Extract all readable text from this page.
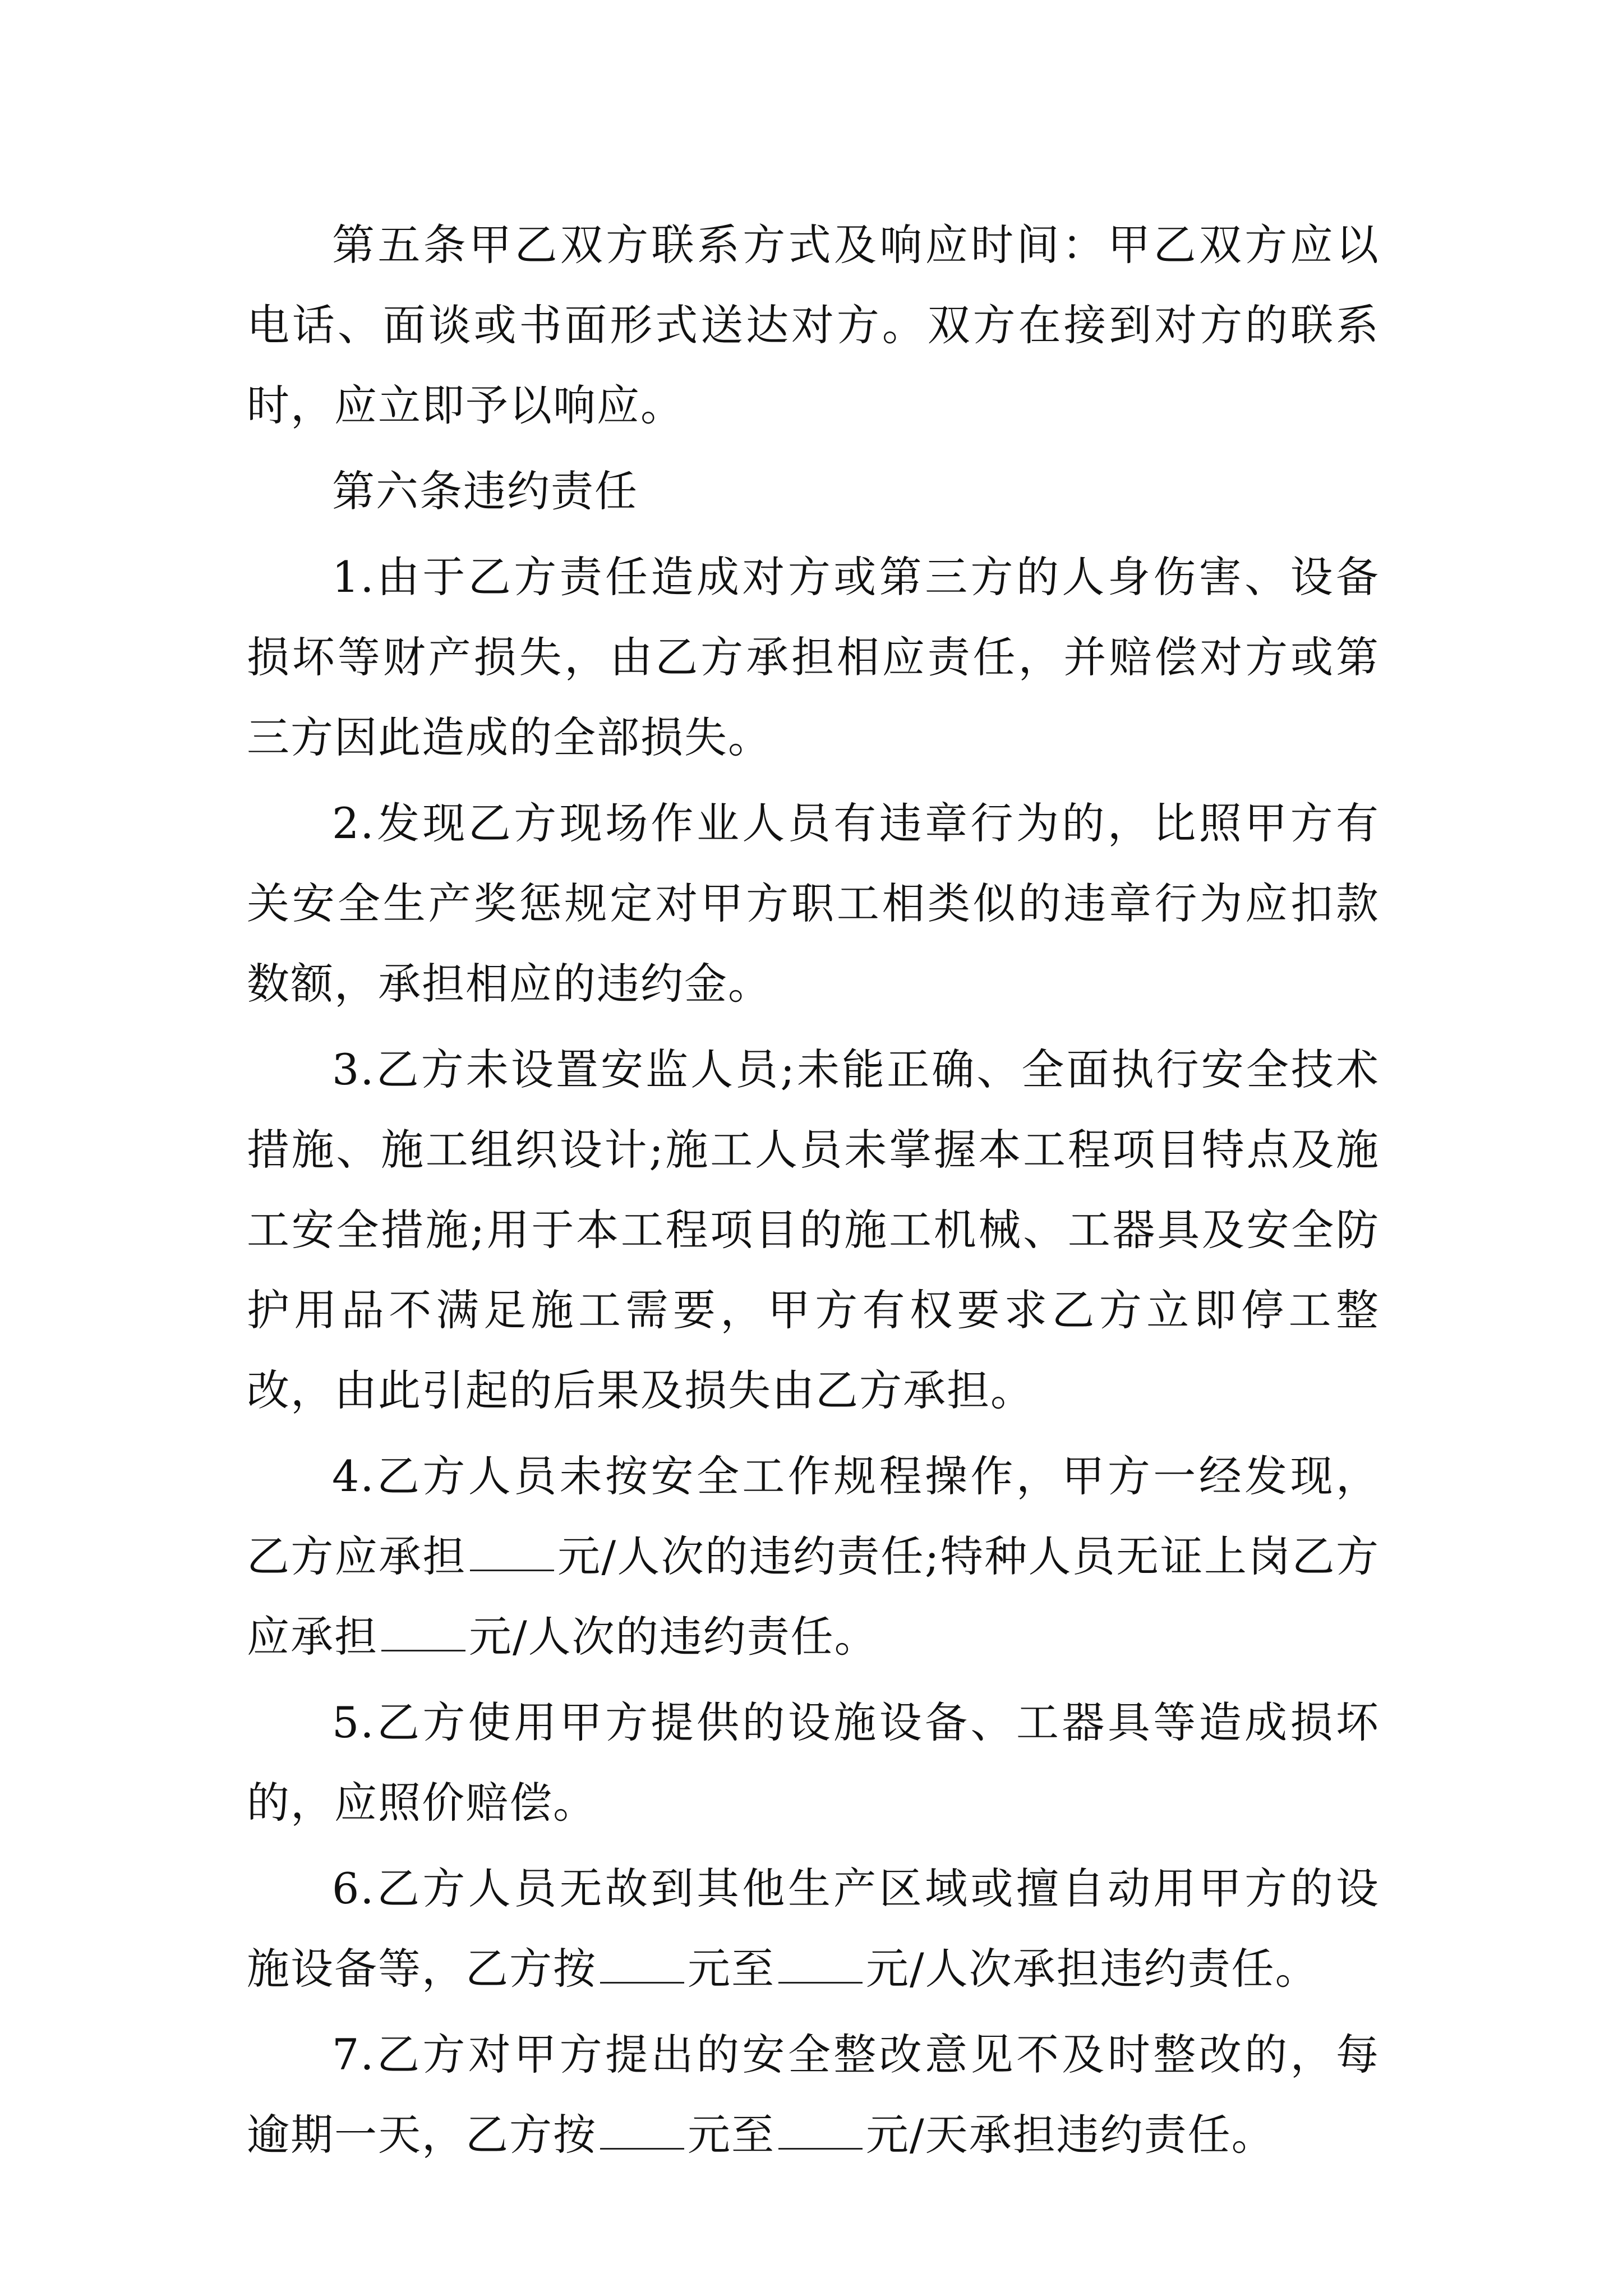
第五条甲乙双方联系方式及响应时间：甲乙双方应以电话、面谈或书面形式送达对方。双方在接到对方的联系时，应立即予以响应。

第六条违约责任

1.由于乙方责任造成对方或第三方的人身伤害、设备损坏等财产损失，由乙方承担相应责任，并赔偿对方或第三方因此造成的全部损失。

2.发现乙方现场作业人员有违章行为的，比照甲方有关安全生产奖惩规定对甲方职工相类似的违章行为应扣款数额，承担相应的违约金。

3.乙方未设置安监人员;未能正确、全面执行安全技术措施、施工组织设计;施工人员未掌握本工程项目特点及施工安全措施;用于本工程项目的施工机械、工器具及安全防护用品不满足施工需要，甲方有权要求乙方立即停工整改，由此引起的后果及损失由乙方承担。

4.乙方人员未按安全工作规程操作，甲方一经发现，乙方应承担 元/人次的违约责任;特种人员无证上岗乙方应承担 元/人次的违约责任。

5.乙方使用甲方提供的设施设备、工器具等造成损坏的，应照价赔偿。

6.乙方人员无故到其他生产区域或擅自动用甲方的设施设备等，乙方按 元至 元/人次承担违约责任。

7.乙方对甲方提出的安全整改意见不及时整改的，每逾期一天，乙方按 元至 元/天承担违约责任。
